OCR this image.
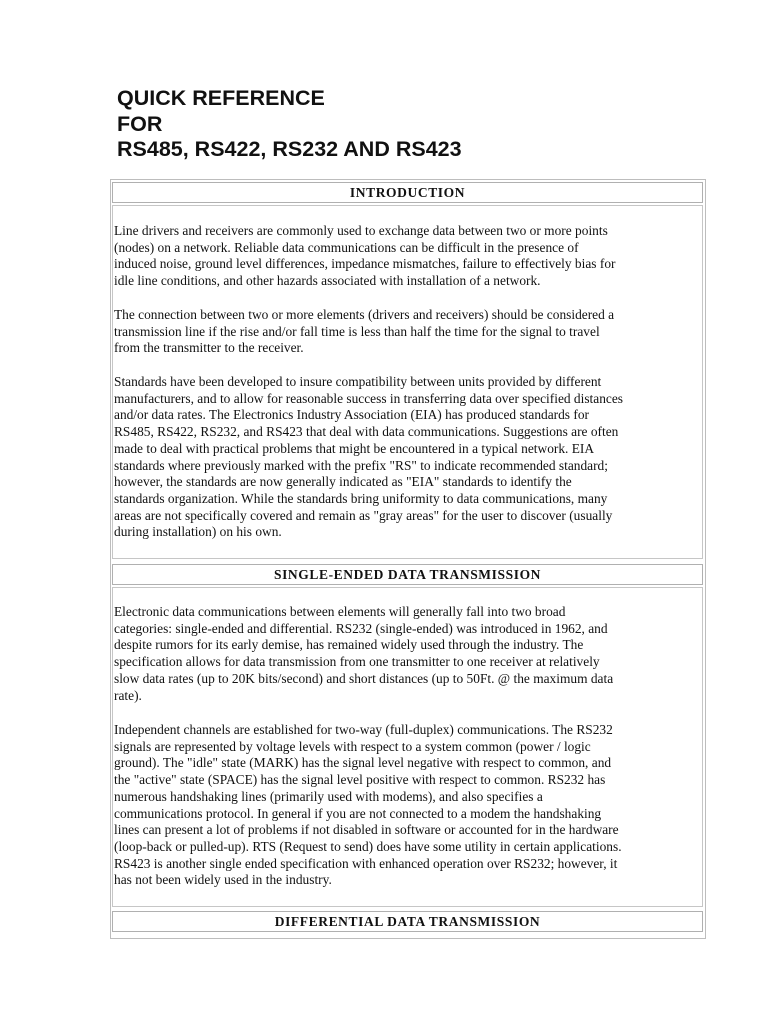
QUICK REFERENCE
FOR
RS485, RS422, RS232 AND RS423
INTRODUCTION
Line drivers and receivers are commonly used to exchange data between two or more points
(nodes) on a network. Reliable data communications can be difficult in the presence of
induced noise, ground level differences, impedance mismatches, failure to effectively bias for
idle line conditions, and other hazards associated with installation of a network.
The connection between two or more elements (drivers and receivers) should be considered a
transmission line if the rise and/or fall time is less than half the time for the signal to travel
from the transmitter to the receiver.
Standards have been developed to insure compatibility between units provided by different
manufacturers, and to allow for reasonable success in transferring data over specified distances
and/or data rates. The Electronics Industry Association (EIA) has produced standards for
RS485, RS422, RS232, and RS423 that deal with data communications. Suggestions are often
made to deal with practical problems that might be encountered in a typical network. EIA
standards where previously marked with the prefix "RS" to indicate recommended standard;
however, the standards are now generally indicated as "EIA" standards to identify the
standards organization. While the standards bring uniformity to data communications, many
areas are not specifically covered and remain as "gray areas" for the user to discover (usually
during installation) on his own.
SINGLE-ENDED DATA TRANSMISSION
Electronic data communications between elements will generally fall into two broad
categories: single-ended and differential. RS232 (single-ended) was introduced in 1962, and
despite rumors for its early demise, has remained widely used through the industry. The
specification allows for data transmission from one transmitter to one receiver at relatively
slow data rates (up to 20K bits/second) and short distances (up to 50Ft. @ the maximum data
rate).
Independent channels are established for two-way (full-duplex) communications. The RS232
signals are represented by voltage levels with respect to a system common (power / logic
ground). The "idle" state (MARK) has the signal level negative with respect to common, and
the "active" state (SPACE) has the signal level positive with respect to common. RS232 has
numerous handshaking lines (primarily used with modems), and also specifies a
communications protocol. In general if you are not connected to a modem the handshaking
lines can present a lot of problems if not disabled in software or accounted for in the hardware
(loop-back or pulled-up). RTS (Request to send) does have some utility in certain applications.
RS423 is another single ended specification with enhanced operation over RS232; however, it
has not been widely used in the industry.
DIFFERENTIAL DATA TRANSMISSION
